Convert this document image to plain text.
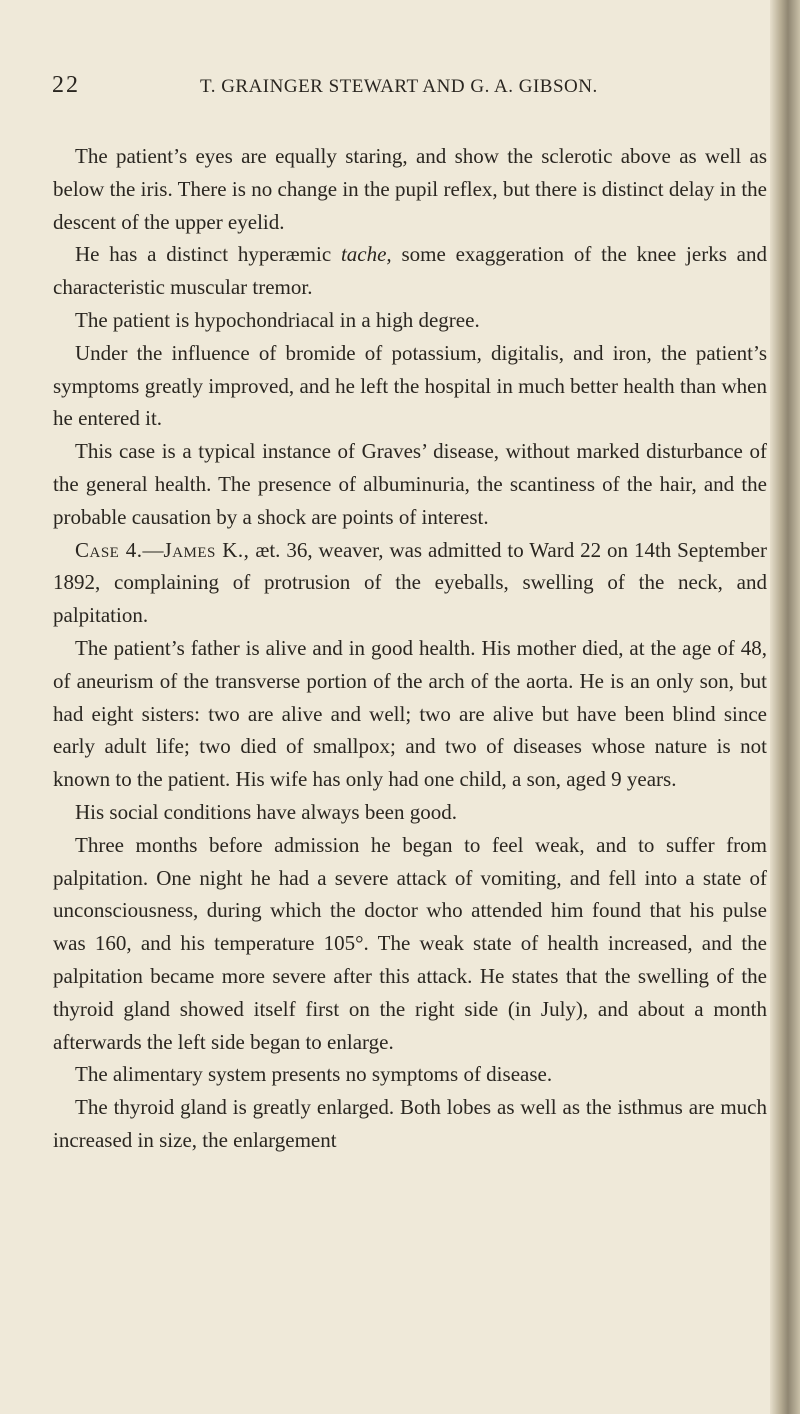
22	T. GRAINGER STEWART AND G. A. GIBSON.

The patient’s eyes are equally staring, and show the sclerotic above as well as below the iris. There is no change in the pupil reflex, but there is distinct delay in the descent of the upper eyelid.

He has a distinct hyperæmic tache, some exaggeration of the knee jerks and characteristic muscular tremor.

The patient is hypochondriacal in a high degree.

Under the influence of bromide of potassium, digitalis, and iron, the patient’s symptoms greatly improved, and he left the hospital in much better health than when he entered it.

This case is a typical instance of Graves’ disease, without marked disturbance of the general health. The presence of albuminuria, the scantiness of the hair, and the probable causation by a shock are points of interest.

Case 4.—James K., æt. 36, weaver, was admitted to Ward 22 on 14th September 1892, complaining of protrusion of the eyeballs, swelling of the neck, and palpitation.

The patient’s father is alive and in good health. His mother died, at the age of 48, of aneurism of the transverse portion of the arch of the aorta. He is an only son, but had eight sisters: two are alive and well; two are alive but have been blind since early adult life; two died of smallpox; and two of diseases whose nature is not known to the patient. His wife has only had one child, a son, aged 9 years.

His social conditions have always been good.

Three months before admission he began to feel weak, and to suffer from palpitation. One night he had a severe attack of vomiting, and fell into a state of unconsciousness, during which the doctor who attended him found that his pulse was 160, and his temperature 105°. The weak state of health increased, and the palpitation became more severe after this attack. He states that the swelling of the thyroid gland showed itself first on the right side (in July), and about a month afterwards the left side began to enlarge.

The alimentary system presents no symptoms of disease.

The thyroid gland is greatly enlarged. Both lobes as well as the isthmus are much increased in size, the enlargement
